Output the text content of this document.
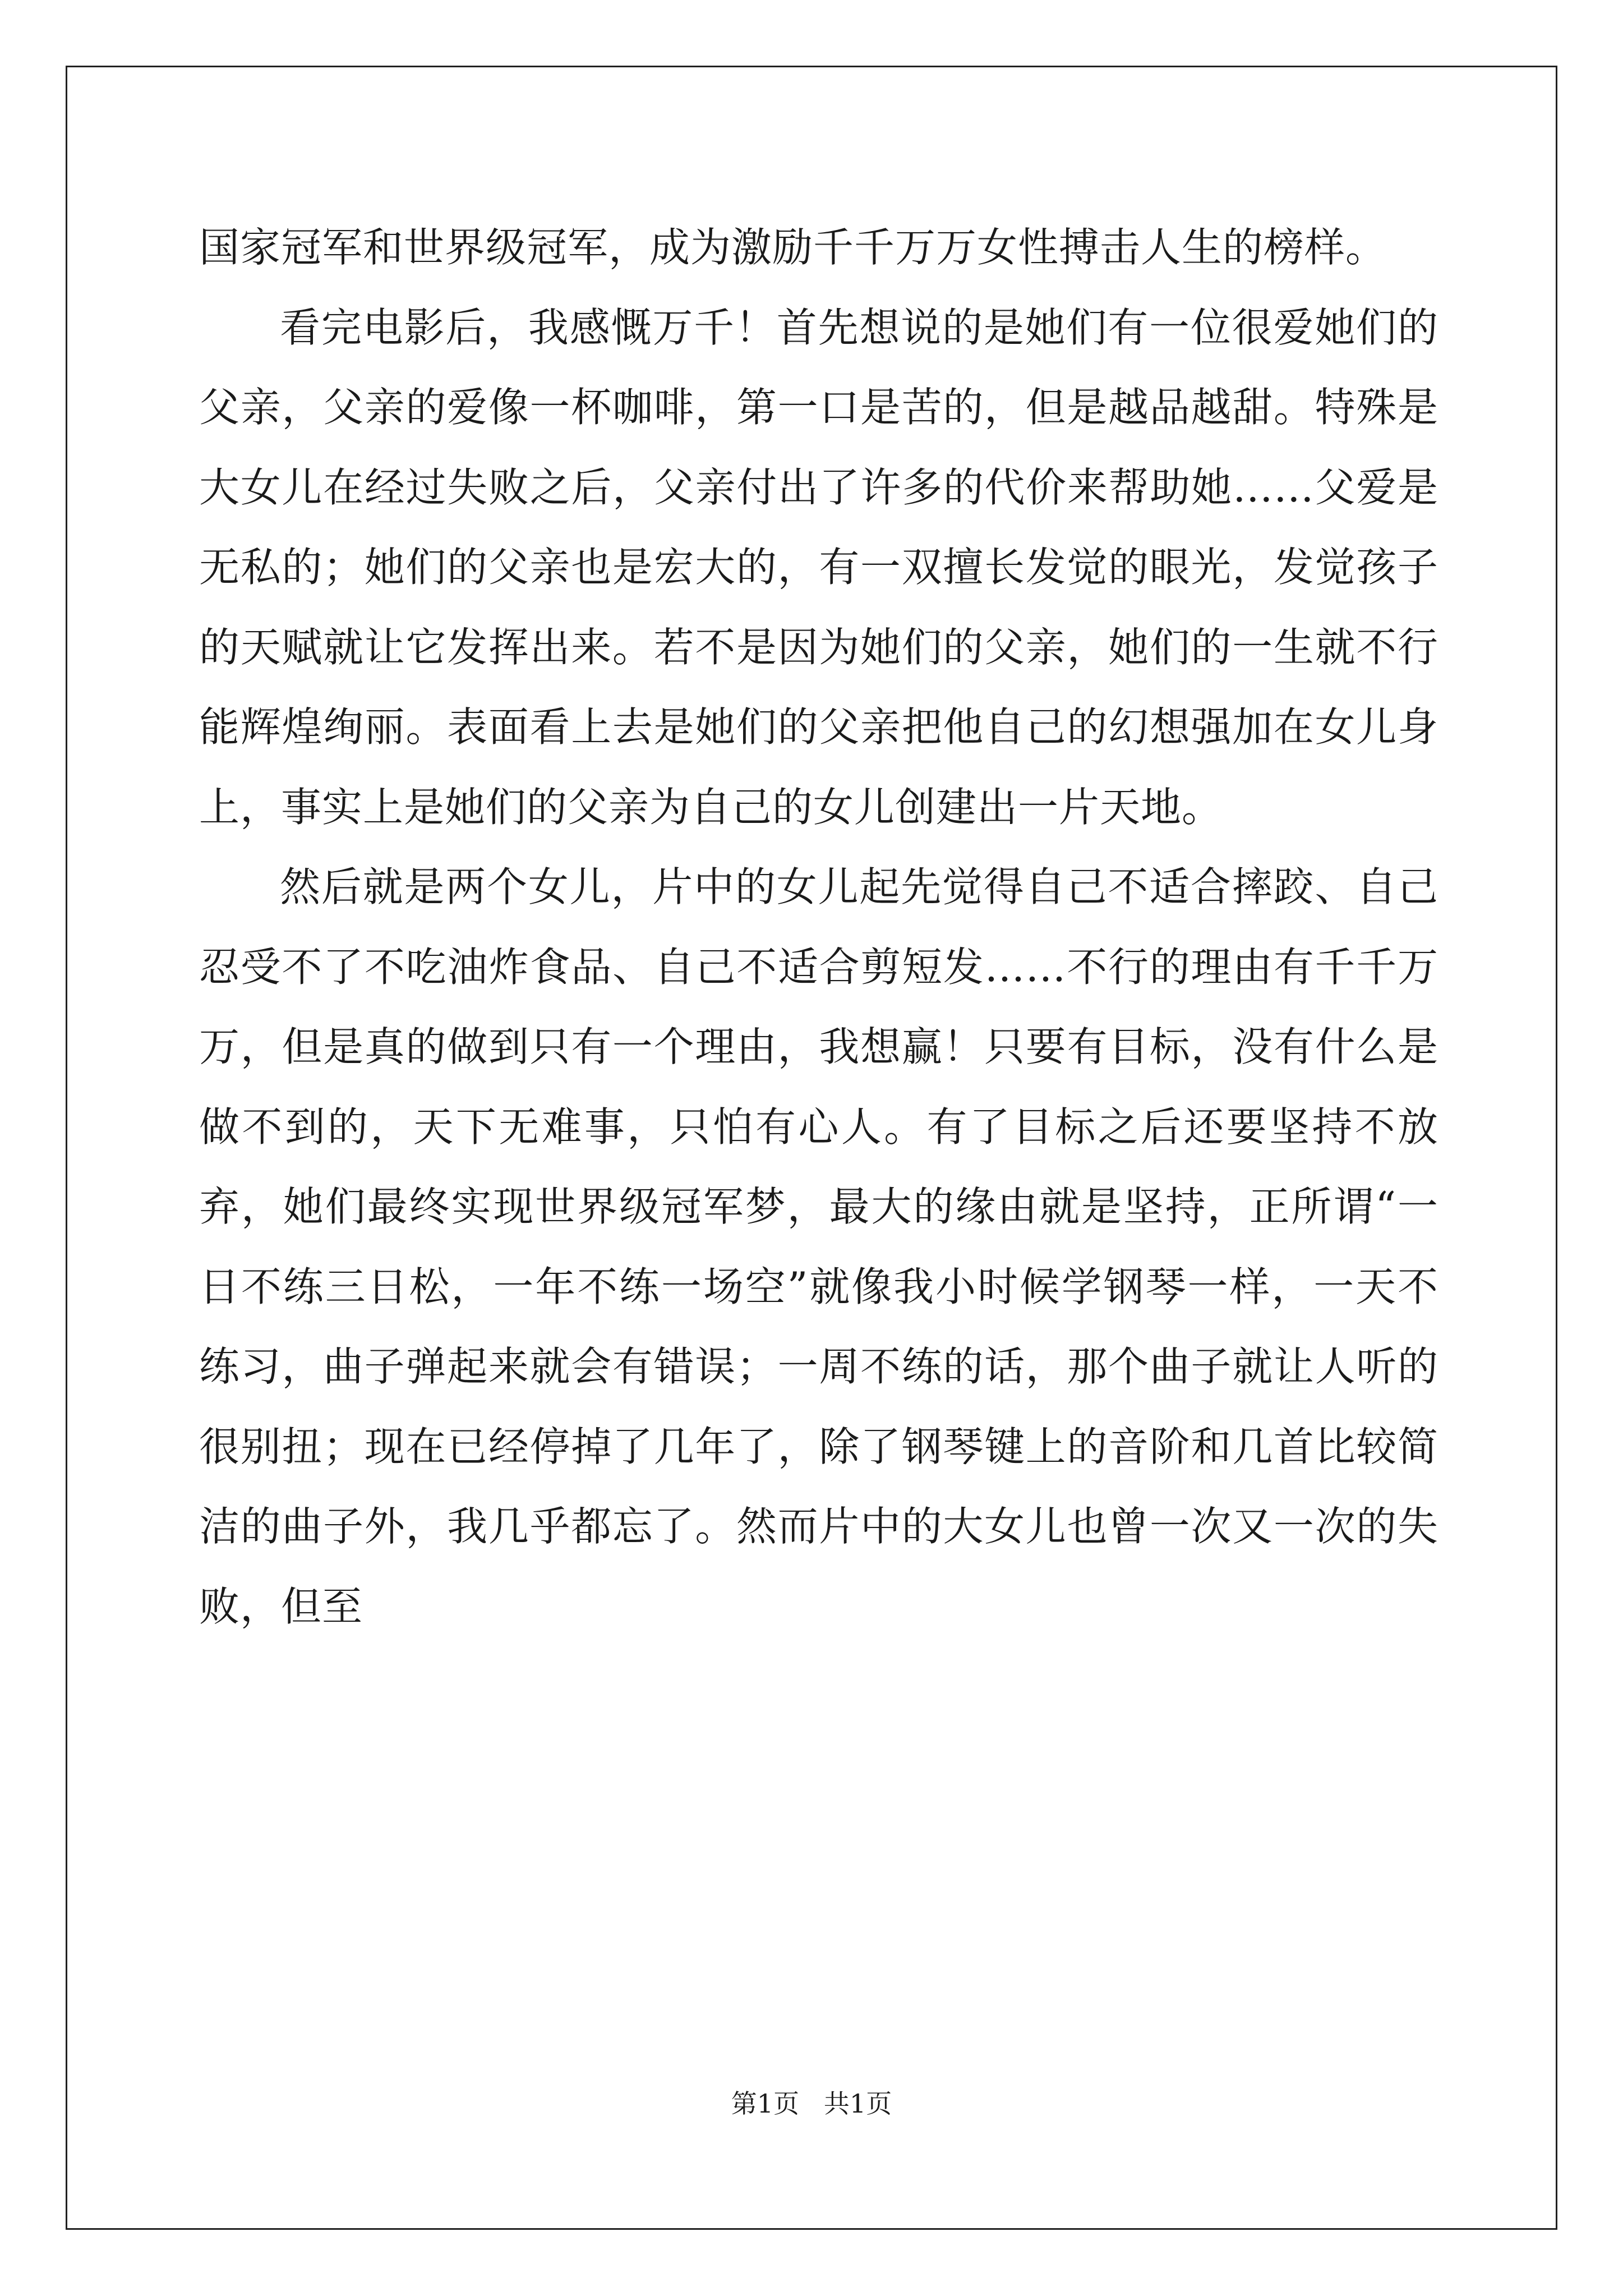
国家冠军和世界级冠军，成为激励千千万万女性搏击人生的榜样。

看完电影后，我感慨万千！首先想说的是她们有一位很爱她们的父亲，父亲的爱像一杯咖啡，第一口是苦的，但是越品越甜。特殊是大女儿在经过失败之后，父亲付出了许多的代价来帮助她……父爱是无私的；她们的父亲也是宏大的，有一双擅长发觉的眼光，发觉孩子的天赋就让它发挥出来。若不是因为她们的父亲，她们的一生就不行能辉煌绚丽。表面看上去是她们的父亲把他自己的幻想强加在女儿身上，事实上是她们的父亲为自己的女儿创建出一片天地。

然后就是两个女儿，片中的女儿起先觉得自己不适合摔跤、自己忍受不了不吃油炸食品、自己不适合剪短发……不行的理由有千千万万，但是真的做到只有一个理由，我想赢！只要有目标，没有什么是做不到的，天下无难事，只怕有心人。有了目标之后还要坚持不放弃，她们最终实现世界级冠军梦，最大的缘由就是坚持，正所谓“一日不练三日松，一年不练一场空”就像我小时候学钢琴一样，一天不练习，曲子弹起来就会有错误；一周不练的话，那个曲子就让人听的很别扭；现在已经停掉了几年了，除了钢琴键上的音阶和几首比较简洁的曲子外，我几乎都忘了。然而片中的大女儿也曾一次又一次的失败，但至

第1页   共1页
